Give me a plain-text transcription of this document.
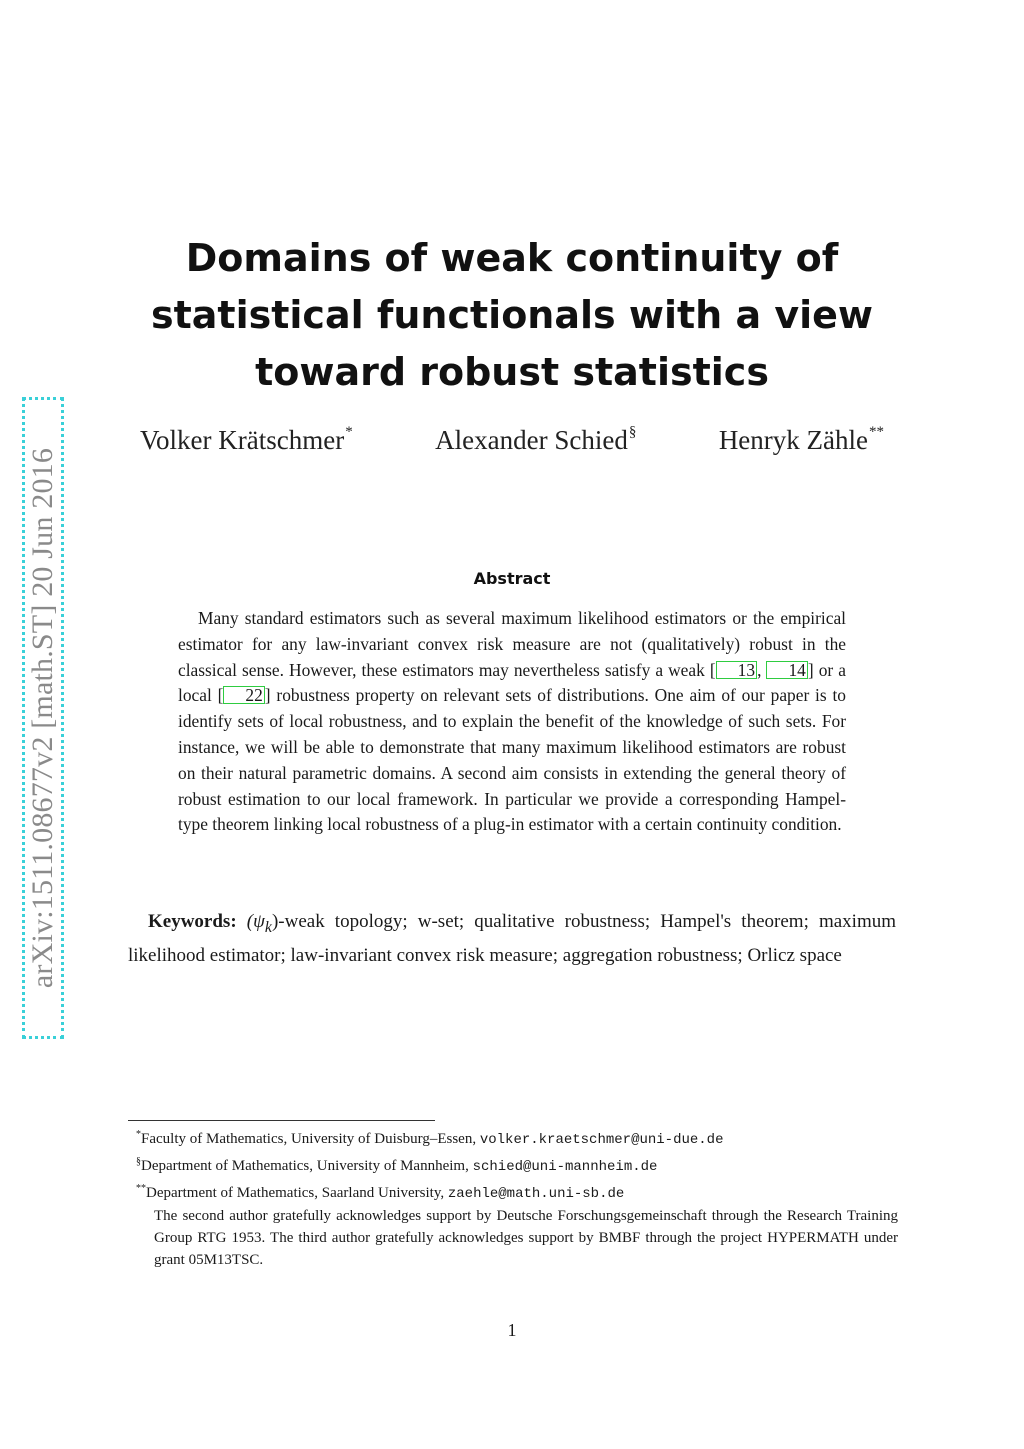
arXiv:1511.08677v2 [math.ST] 20 Jun 2016
Domains of weak continuity of statistical functionals with a view toward robust statistics
Volker Krätschmer*	Alexander Schied§	Henryk Zähle**
Abstract

Many standard estimators such as several maximum likelihood estimators or the empirical estimator for any law-invariant convex risk measure are not (qualitatively) robust in the classical sense. However, these estimators may nevertheless satisfy a weak [ 13 , 14 ] or a local [ 22 ] robustness property on relevant sets of distributions. One aim of our paper is to identify sets of local robustness, and to explain the benefit of the knowledge of such sets. For instance, we will be able to demonstrate that many maximum likelihood estimators are robust on their natural parametric domains. A second aim consists in extending the general theory of robust estimation to our local framework. In particular we provide a corresponding Hampel-type theorem linking local robustness of a plug-in estimator with a certain continuity condition.

Keywords: $(\psi_k)$-weak topology; w-set; qualitative robustness; Hampel's theorem; maximum likelihood estimator; law-invariant convex risk measure; aggregation robustness; Orlicz space

*Faculty of Mathematics, University of Duisburg–Essen, volker.kraetschmer@uni-due.de
§Department of Mathematics, University of Mannheim, schied@uni-mannheim.de
**Department of Mathematics, Saarland University, zaehle@math.uni-sb.de

The second author gratefully acknowledges support by Deutsche Forschungsgemeinschaft through the Research Training Group RTG 1953. The third author gratefully acknowledges support by BMBF through the project HYPERMATH under grant 05M13TSC.

1
